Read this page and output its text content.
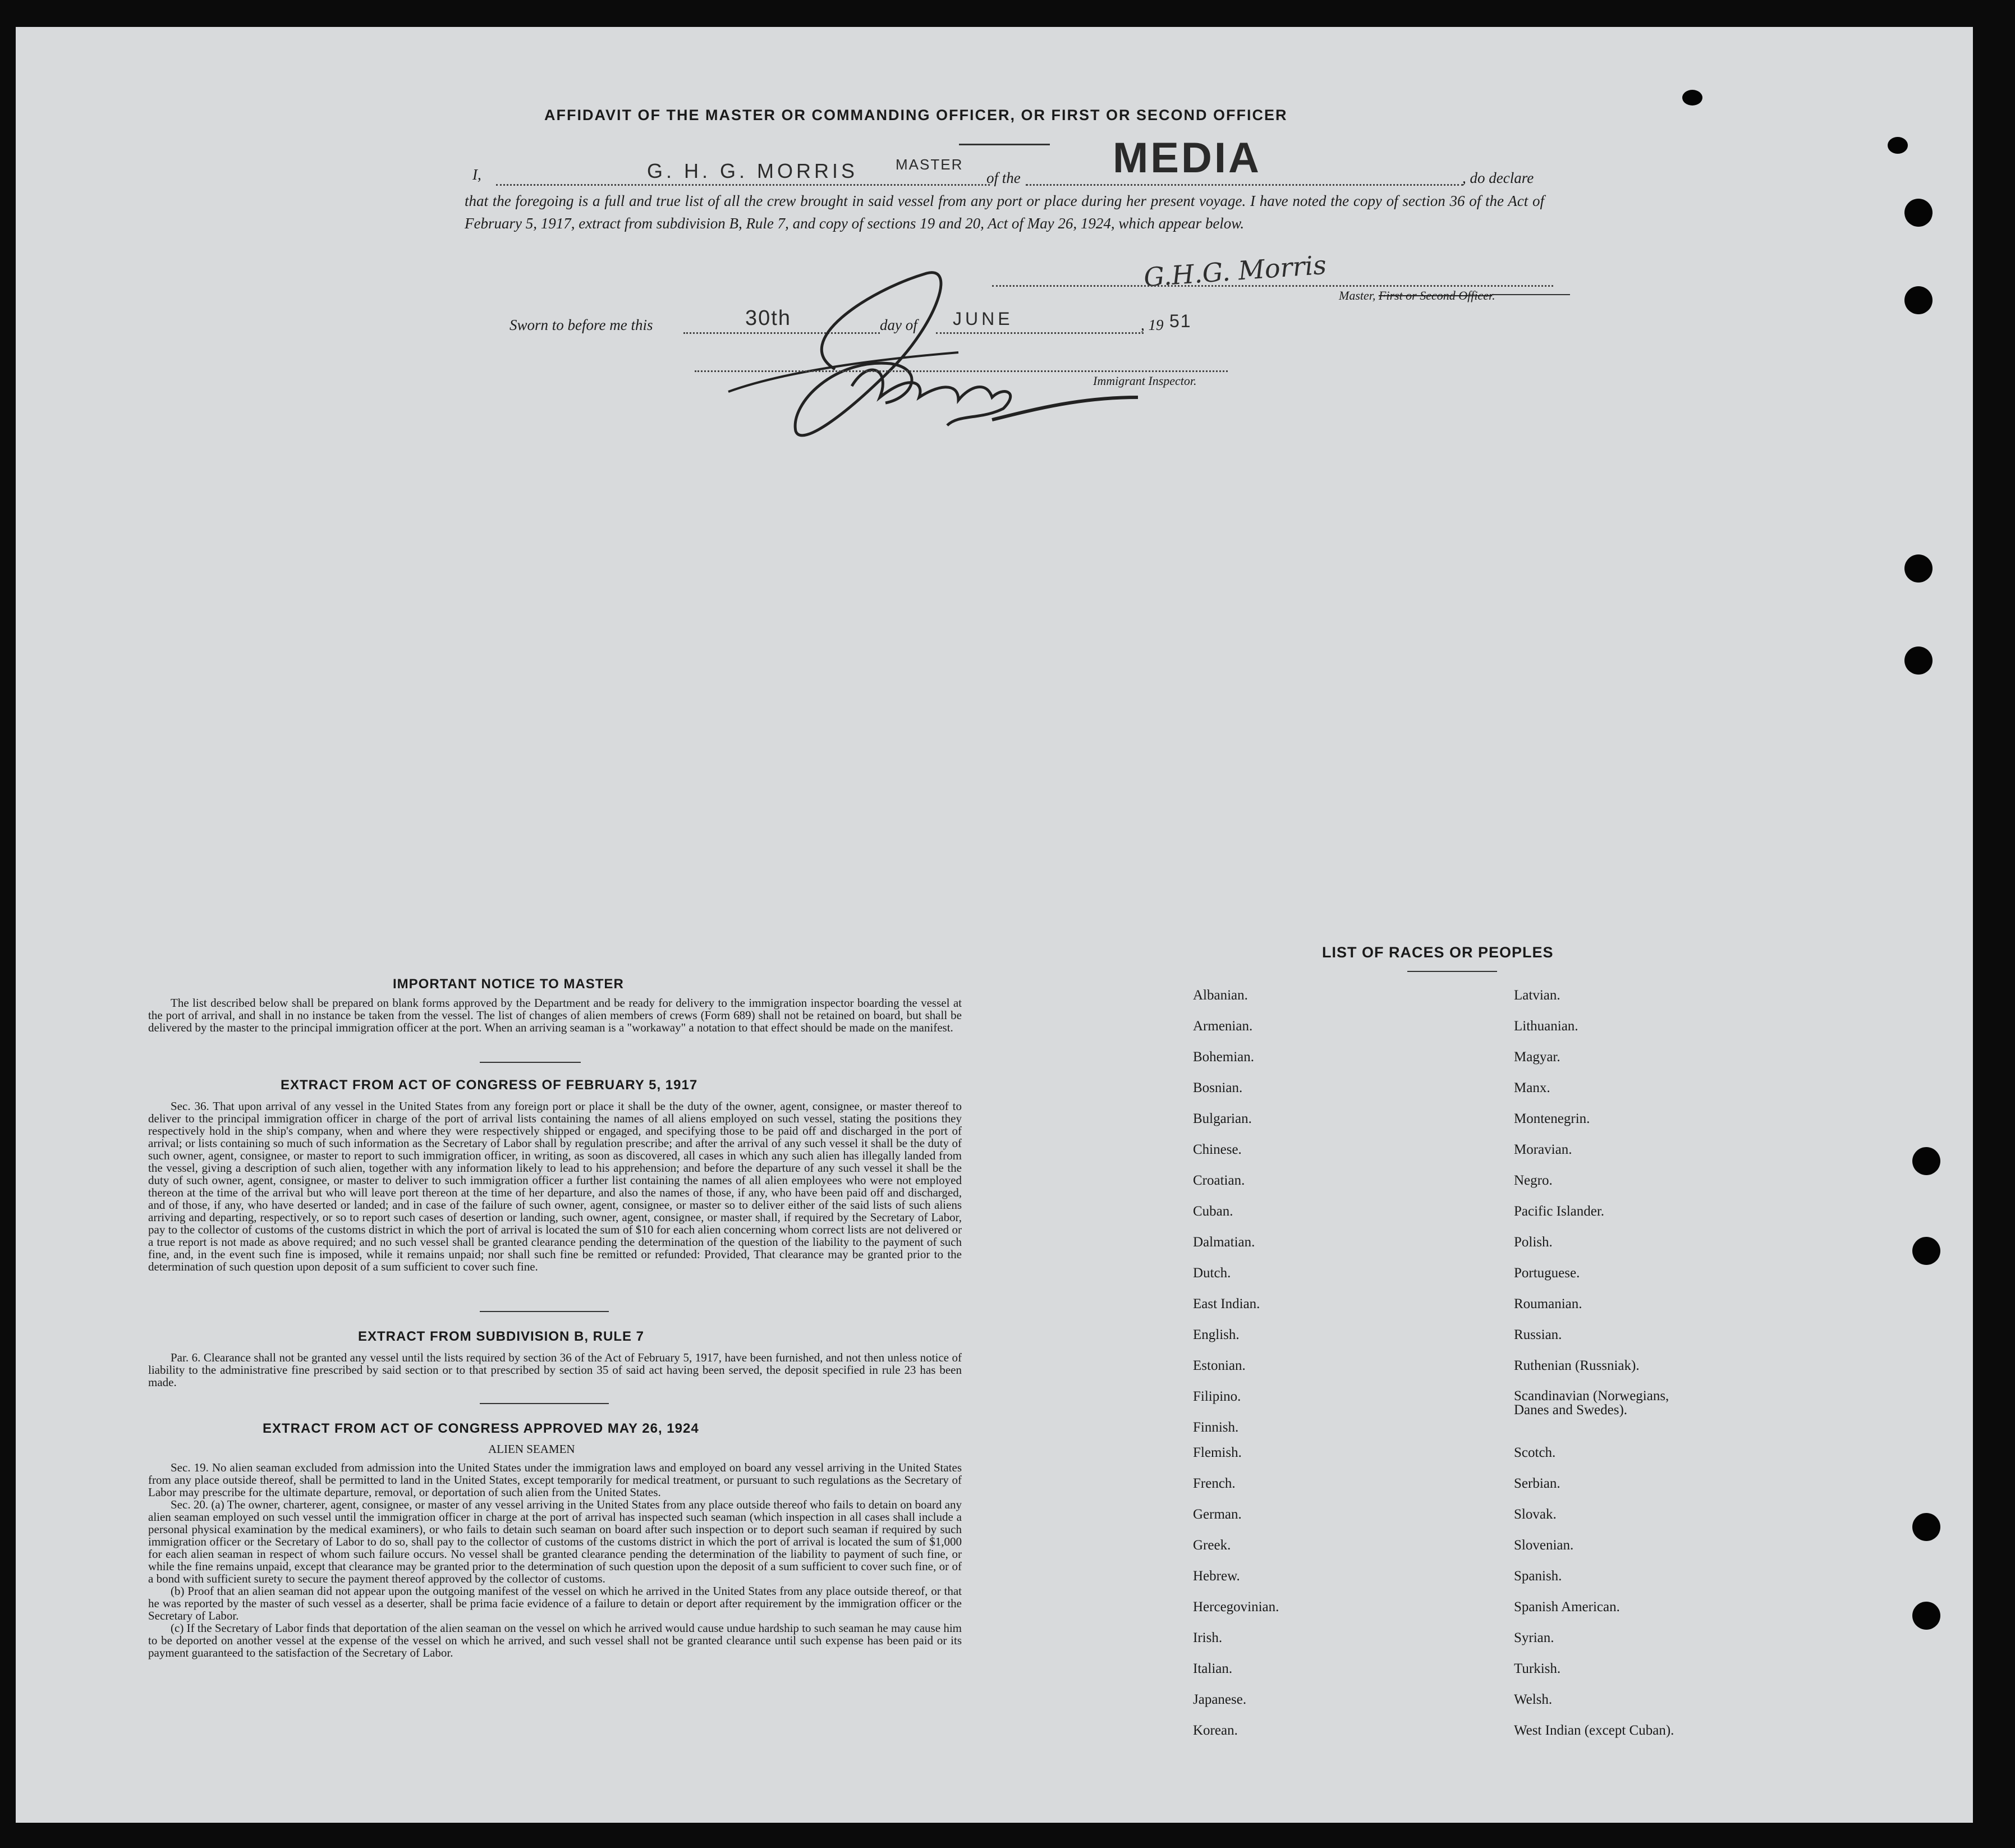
AFFIDAVIT OF THE MASTER OR COMMANDING OFFICER, OR FIRST OR SECOND OFFICER
I,	G. H. G. MORRIS	MASTER
of the MEDIA	, do declare
that the foregoing is a full and true list of all the crew brought in said vessel from any port or place during her present voyage. I have noted the copy of section 36 of the Act of February 5, 1917, extract from subdivision B, Rule 7, and copy of sections 19 and 20, Act of May 26, 1924, which appear below.
G.H.G. Morris
Master, First or Second Officer.
Sworn to before me this	30th	day of JUNE	, 19 51
Immigrant Inspector.
IMPORTANT NOTICE TO MASTER
The list described below shall be prepared on blank forms approved by the Department and be ready for delivery to the immigration inspector boarding the vessel at the port of arrival, and shall in no instance be taken from the vessel. The list of changes of alien members of crews (Form 689) shall not be retained on board, but shall be delivered by the master to the principal immigration officer at the port. When an arriving seaman is a "workaway" a notation to that effect should be made on the manifest.
EXTRACT FROM ACT OF CONGRESS OF FEBRUARY 5, 1917
Sec. 36. That upon arrival of any vessel in the United States from any foreign port or place it shall be the duty of the owner, agent, consignee, or master thereof to deliver to the principal immigration officer in charge of the port of arrival lists containing the names of all aliens employed on such vessel, stating the positions they respectively hold in the ship's company, when and where they were respectively shipped or engaged, and specifying those to be paid off and discharged in the port of arrival; or lists containing so much of such information as the Secretary of Labor shall by regulation prescribe; and after the arrival of any such vessel it shall be the duty of such owner, agent, consignee, or master to report to such immigration officer, in writing, as soon as discovered, all cases in which any such alien has illegally landed from the vessel, giving a description of such alien, together with any information likely to lead to his apprehension; and before the departure of any such vessel it shall be the duty of such owner, agent, consignee, or master to deliver to such immigration officer a further list containing the names of all alien employees who were not employed thereon at the time of the arrival but who will leave port thereon at the time of her departure, and also the names of those, if any, who have been paid off and discharged, and of those, if any, who have deserted or landed; and in case of the failure of such owner, agent, consignee, or master so to deliver either of the said lists of such aliens arriving and departing, respectively, or so to report such cases of desertion or landing, such owner, agent, consignee, or master shall, if required by the Secretary of Labor, pay to the collector of customs of the customs district in which the port of arrival is located the sum of $10 for each alien concerning whom correct lists are not delivered or a true report is not made as above required; and no such vessel shall be granted clearance pending the determination of the question of the liability to the payment of such fine, and, in the event such fine is imposed, while it remains unpaid; nor shall such fine be remitted or refunded: Provided, That clearance may be granted prior to the determination of such question upon deposit of a sum sufficient to cover such fine.
EXTRACT FROM SUBDIVISION B, RULE 7
Par. 6. Clearance shall not be granted any vessel until the lists required by section 36 of the Act of February 5, 1917, have been furnished, and not then unless notice of liability to the administrative fine prescribed by said section or to that prescribed by section 35 of said act having been served, the deposit specified in rule 23 has been made.
EXTRACT FROM ACT OF CONGRESS APPROVED MAY 26, 1924
ALIEN SEAMEN
Sec. 19. No alien seaman excluded from admission into the United States under the immigration laws and employed on board any vessel arriving in the United States from any place outside thereof, shall be permitted to land in the United States, except temporarily for medical treatment, or pursuant to such regulations as the Secretary of Labor may prescribe for the ultimate departure, removal, or deportation of such alien from the United States.
Sec. 20. (a) The owner, charterer, agent, consignee, or master of any vessel arriving in the United States from any place outside thereof who fails to detain on board any alien seaman employed on such vessel until the immigration officer in charge at the port of arrival has inspected such seaman (which inspection in all cases shall include a personal physical examination by the medical examiners), or who fails to detain such seaman on board after such inspection or to deport such seaman if required by such immigration officer or the Secretary of Labor to do so, shall pay to the collector of customs of the customs district in which the port of arrival is located the sum of $1,000 for each alien seaman in respect of whom such failure occurs. No vessel shall be granted clearance pending the determination of the liability to payment of such fine, or while the fine remains unpaid, except that clearance may be granted prior to the determination of such question upon the deposit of a sum sufficient to cover such fine, or of a bond with sufficient surety to secure the payment thereof approved by the collector of customs.
(b) Proof that an alien seaman did not appear upon the outgoing manifest of the vessel on which he arrived in the United States from any place outside thereof, or that he was reported by the master of such vessel as a deserter, shall be prima facie evidence of a failure to detain or deport after requirement by the immigration officer or the Secretary of Labor.
(c) If the Secretary of Labor finds that deportation of the alien seaman on the vessel on which he arrived would cause undue hardship to such seaman he may cause him to be deported on another vessel at the expense of the vessel on which he arrived, and such vessel shall not be granted clearance until such expense has been paid or its payment guaranteed to the satisfaction of the Secretary of Labor.
LIST OF RACES OR PEOPLES
Albanian.
Armenian.
Bohemian.
Bosnian.
Bulgarian.
Chinese.
Croatian.
Cuban.
Dalmatian.
Dutch.
East Indian.
English.
Estonian.
Filipino.
Finnish.
Flemish.
French.
German.
Greek.
Hebrew.
Hercegovinian.
Irish.
Italian.
Japanese.
Korean.
Latvian.
Lithuanian.
Magyar.
Manx.
Montenegrin.
Moravian.
Negro.
Pacific Islander.
Polish.
Portuguese.
Roumanian.
Russian.
Ruthenian (Russniak).
Scandinavian (Norwegians, Danes and Swedes).
Scotch.
Serbian.
Slovak.
Slovenian.
Spanish.
Spanish American.
Syrian.
Turkish.
Welsh.
West Indian (except Cuban).
